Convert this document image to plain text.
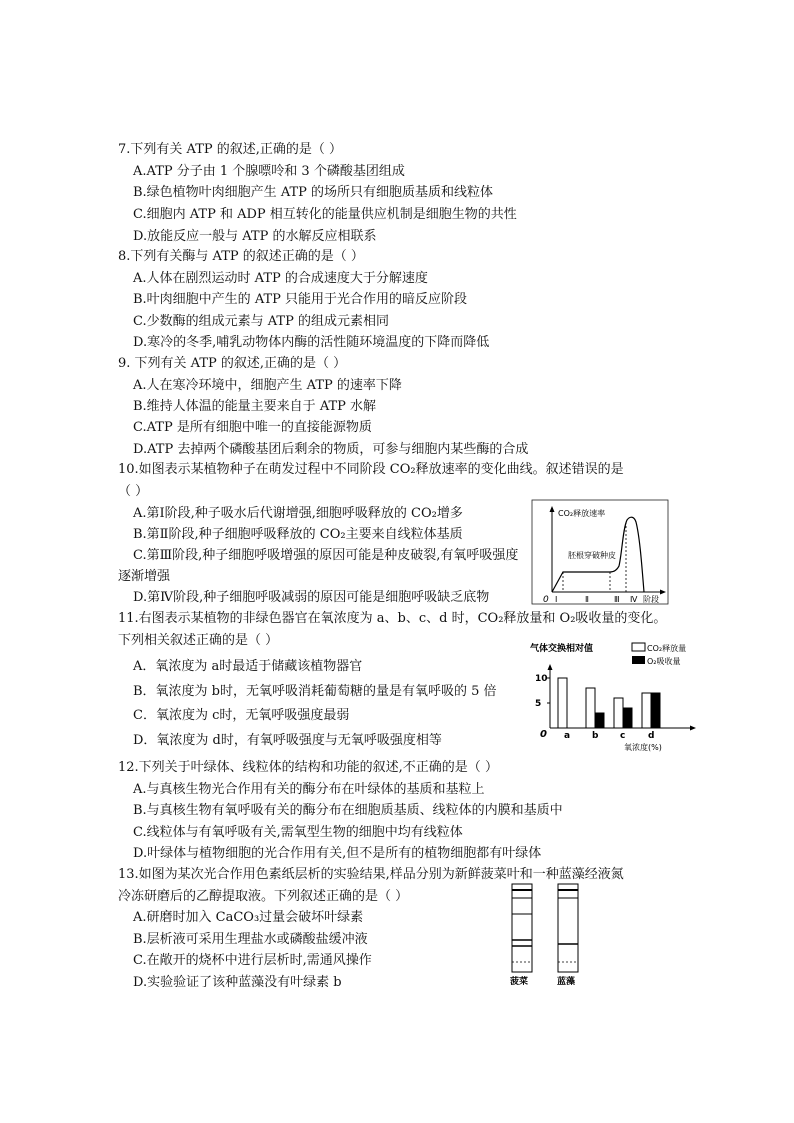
7.下列有关 ATP 的叙述,正确的是（ ）
A.ATP 分子由 1 个腺嘌呤和 3 个磷酸基团组成
B.绿色植物叶肉细胞产生 ATP 的场所只有细胞质基质和线粒体
C.细胞内 ATP 和 ADP 相互转化的能量供应机制是细胞生物的共性
D.放能反应一般与 ATP 的水解反应相联系
8.下列有关酶与 ATP 的叙述正确的是（ ）
A.人体在剧烈运动时 ATP 的合成速度大于分解速度
B.叶肉细胞中产生的 ATP 只能用于光合作用的暗反应阶段
C.少数酶的组成元素与 ATP 的组成元素相同
D.寒冷的冬季,哺乳动物体内酶的活性随环境温度的下降而降低
9. 下列有关 ATP 的叙述,正确的是（ ）
A.人在寒冷环境中，细胞产生 ATP 的速率下降
B.维持人体温的能量主要来自于 ATP 水解
C.ATP 是所有细胞中唯一的直接能源物质
D.ATP 去掉两个磷酸基团后剩余的物质，可参与细胞内某些酶的合成
10.如图表示某植物种子在萌发过程中不同阶段 CO₂释放速率的变化曲线。叙述错误的是
（ ）
A.第Ⅰ阶段,种子吸水后代谢增强,细胞呼吸释放的 CO₂增多
B.第Ⅱ阶段,种子细胞呼吸释放的 CO₂主要来自线粒体基质
C.第Ⅲ阶段,种子细胞呼吸增强的原因可能是种皮破裂,有氧呼吸强度
逐渐增强
D.第Ⅳ阶段,种子细胞呼吸减弱的原因可能是细胞呼吸缺乏底物
CO₂释放速率
胚根穿破种皮
0 Ⅰ	Ⅱ	Ⅲ Ⅳ 阶段
11.右图表示某植物的非绿色器官在氧浓度为 a、b、c、d 时，CO₂释放量和 O₂吸收量的变化。
下列相关叙述正确的是（ ）
A．氧浓度为 a时最适于储藏该植物器官
B．氧浓度为 b时，无氧呼吸消耗葡萄糖的量是有氧呼吸的 5 倍
C．氧浓度为 c时，无氧呼吸强度最弱
D．氧浓度为 d时，有氧呼吸强度与无氧呼吸强度相等
气体交换相对值	CO₂释放量
O₂吸收量
a b c	d
5
10
0
氧浓度(%)
12.下列关于叶绿体、线粒体的结构和功能的叙述,不正确的是（ ）
A.与真核生物光合作用有关的酶分布在叶绿体的基质和基粒上
B.与真核生物有氧呼吸有关的酶分布在细胞质基质、线粒体的内膜和基质中
C.线粒体与有氧呼吸有关,需氧型生物的细胞中均有线粒体
D.叶绿体与植物细胞的光合作用有关,但不是所有的植物细胞都有叶绿体
13.如图为某次光合作用色素纸层析的实验结果,样品分别为新鲜菠菜叶和一种蓝藻经液氮
冷冻研磨后的乙醇提取液。下列叙述正确的是（ ）
A.研磨时加入 CaCO₃过量会破坏叶绿素
B.层析液可采用生理盐水或磷酸盐缓冲液
C.在敞开的烧杯中进行层析时,需通风操作
D.实验验证了该种蓝藻没有叶绿素 b	菠菜	蓝藻
